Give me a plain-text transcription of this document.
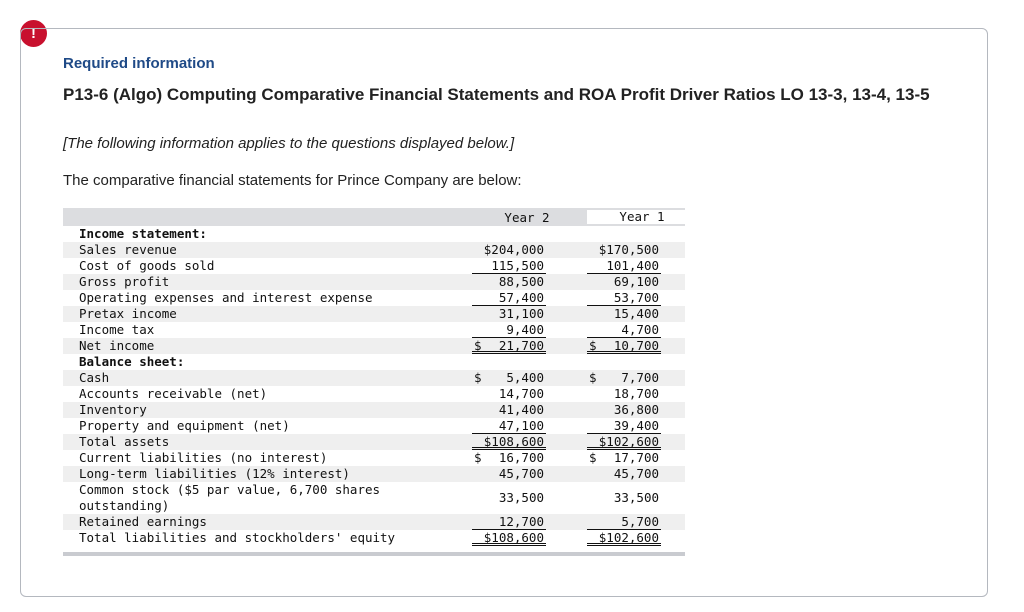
!
Required information
P13-6 (Algo) Computing Comparative Financial Statements and ROA Profit Driver Ratios LO 13-3, 13-4, 13-5
[The following information applies to the questions displayed below.]
The comparative financial statements for Prince Company are below:
Year 2	Year 1
Income statement:
Sales revenue	$204,000	$170,500
Cost of goods sold	115,500	101,400
Gross profit	88,500	69,100
Operating expenses and interest expense	57,400	53,700
Pretax income	31,100	15,400
Income tax	9,400	4,700
Net income	$ 21,700	$ 10,700
Balance sheet:
Cash	$ 5,400	$ 7,700
Accounts receivable (net)	14,700	18,700
Inventory	41,400	36,800
Property and equipment (net)	47,100	39,400
Total assets	$108,600	$102,600
Current liabilities (no interest)	$ 16,700	$ 17,700
Long-term liabilities (12% interest)	45,700	45,700
Common stock ($5 par value, 6,700 shares outstanding)
33,500	33,500
Retained earnings	12,700	5,700
Total liabilities and stockholders' equity	$108,600	$102,600
